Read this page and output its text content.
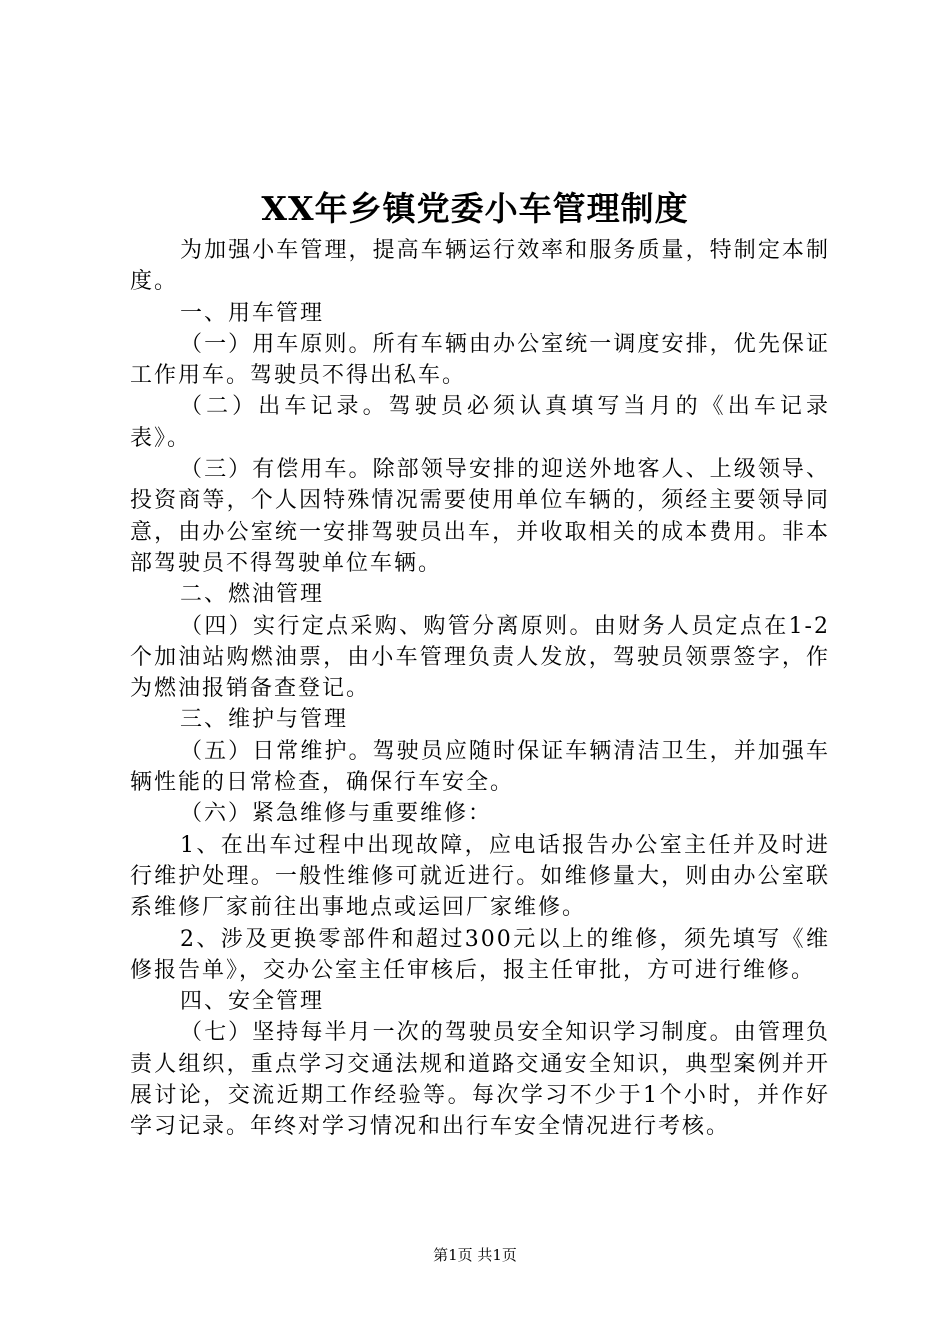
XX年乡镇党委小车管理制度

为加强小车管理，提高车辆运行效率和服务质量，特制定本制度。

一、用车管理

（一）用车原则。所有车辆由办公室统一调度安排，优先保证工作用车。驾驶员不得出私车。

（二）出车记录。驾驶员必须认真填写当月的《出车记录表》。

（三）有偿用车。除部领导安排的迎送外地客人、上级领导、投资商等，个人因特殊情况需要使用单位车辆的，须经主要领导同意，由办公室统一安排驾驶员出车，并收取相关的成本费用。非本部驾驶员不得驾驶单位车辆。

二、燃油管理

（四）实行定点采购、购管分离原则。由财务人员定点在1-2个加油站购燃油票，由小车管理负责人发放，驾驶员领票签字，作为燃油报销备查登记。

三、维护与管理

（五）日常维护。驾驶员应随时保证车辆清洁卫生，并加强车辆性能的日常检查，确保行车安全。

（六）紧急维修与重要维修：

1、在出车过程中出现故障，应电话报告办公室主任并及时进行维护处理。一般性维修可就近进行。如维修量大，则由办公室联系维修厂家前往出事地点或运回厂家维修。

2、涉及更换零部件和超过300元以上的维修，须先填写《维修报告单》，交办公室主任审核后，报主任审批，方可进行维修。

四、安全管理

（七）坚持每半月一次的驾驶员安全知识学习制度。由管理负责人组织，重点学习交通法规和道路交通安全知识，典型案例并开展讨论，交流近期工作经验等。每次学习不少于1个小时，并作好学习记录。年终对学习情况和出行车安全情况进行考核。

第1页 共1页
